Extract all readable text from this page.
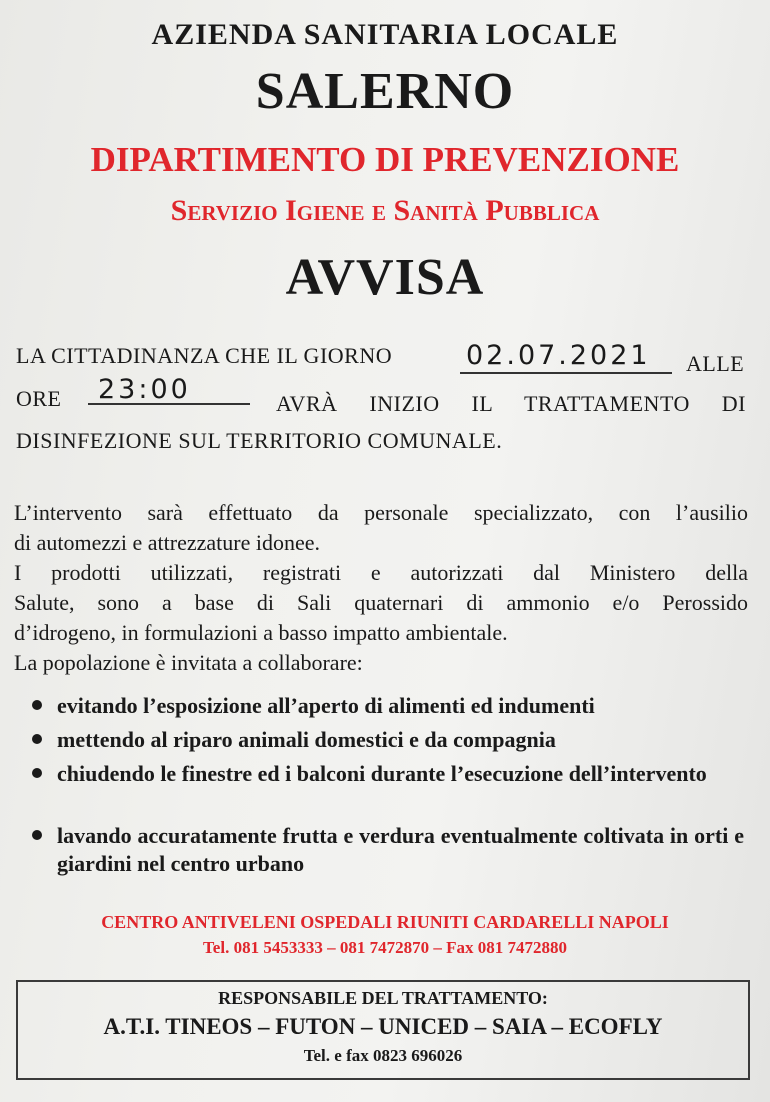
AZIENDA SANITARIA LOCALE
SALERNO
DIPARTIMENTO DI PREVENZIONE
Servizio Igiene e Sanità Pubblica
AVVISA
LA CITTADINANZA CHE IL GIORNO	02.07.2021 ALLE
ORE 23:00	AVRÀ INIZIO IL TRATTAMENTO DI
DISINFEZIONE SUL TERRITORIO COMUNALE.
L’intervento sarà effettuato da personale specializzato, con l’ausilio
di automezzi e attrezzature idonee.
I prodotti utilizzati, registrati e autorizzati dal Ministero della
Salute, sono a base di Sali quaternari di ammonio e/o Perossido
d’idrogeno, in formulazioni a basso impatto ambientale.
La popolazione è invitata a collaborare:
evitando l’esposizione all’aperto di alimenti ed indumenti
mettendo al riparo animali domestici e da compagnia
chiudendo le finestre ed i balconi durante l’esecuzione dell’intervento
lavando accuratamente frutta e verdura eventualmente coltivata in orti e giardini nel centro urbano
CENTRO ANTIVELENI OSPEDALI RIUNITI CARDARELLI NAPOLI
Tel. 081 5453333 – 081 7472870 – Fax 081 7472880
RESPONSABILE DEL TRATTAMENTO:
A.T.I. TINEOS – FUTON – UNICED – SAIA – ECOFLY
Tel. e fax 0823 696026
